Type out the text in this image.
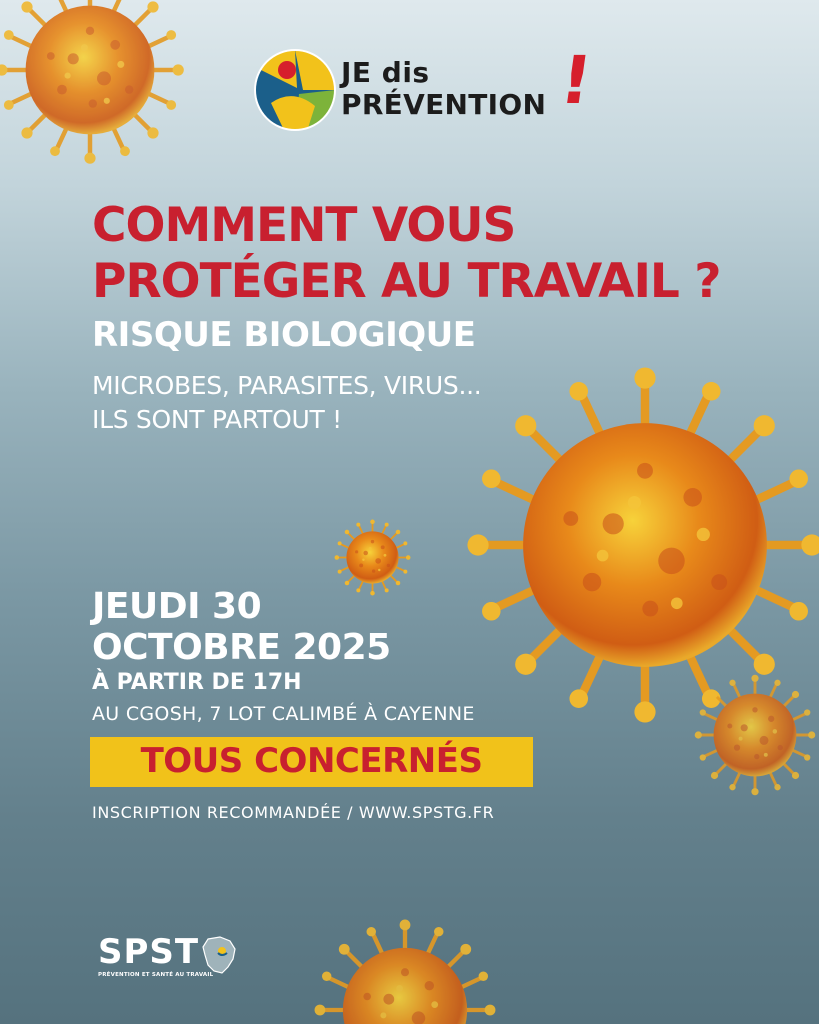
JE dis
PRÉVENTION !
COMMENT VOUS
PROTÉGER AU TRAVAIL ?
RISQUE BIOLOGIQUE
MICROBES, PARASITES, VIRUS...
ILS SONT PARTOUT !
JEUDI 30
OCTOBRE 2025
À PARTIR DE 17H
AU CGOSH, 7 LOT CALIMBÉ À CAYENNE
TOUS CONCERNÉS
INSCRIPTION RECOMMANDÉE / WWW.SPSTG.FR
SPST
PRÉVENTION ET SANTÉ AU TRAVAIL
